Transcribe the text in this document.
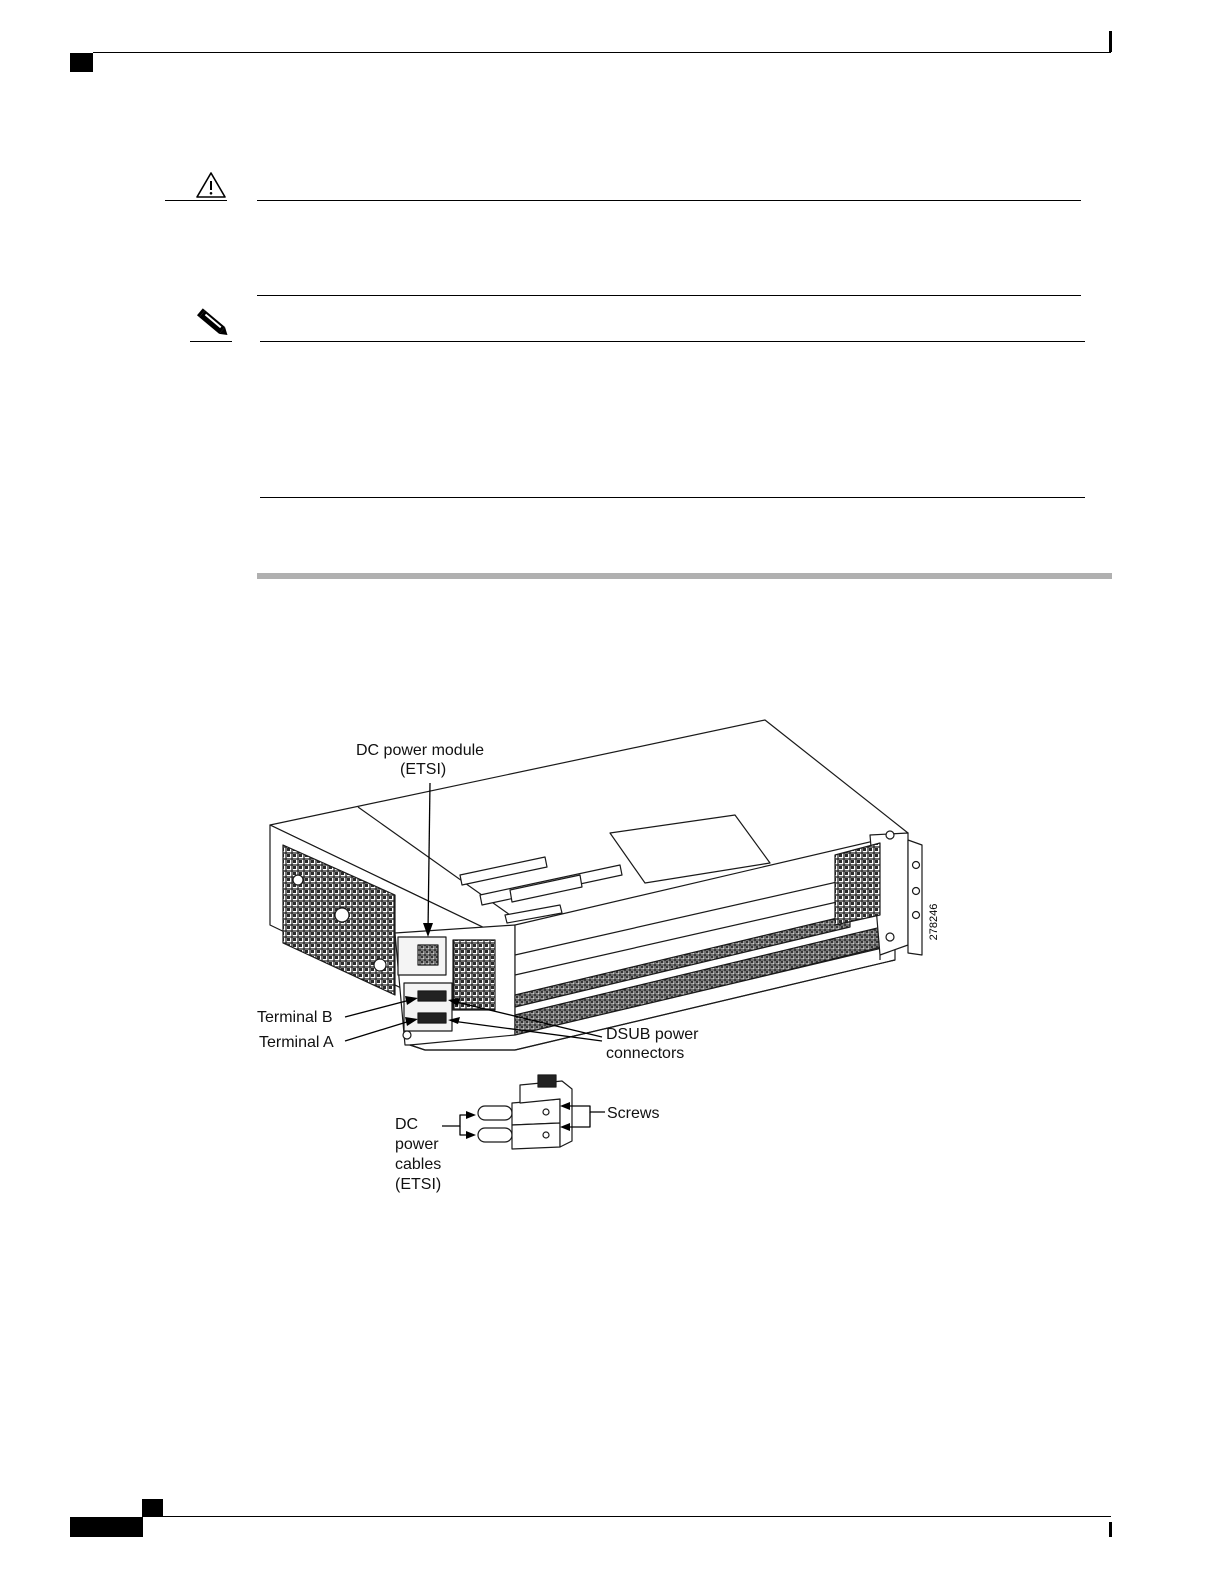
DC power module
(ETSI)
Terminal B
Terminal A	DSUB power
connectors
Screws
DC
power
cables
(ETSI)
278246
